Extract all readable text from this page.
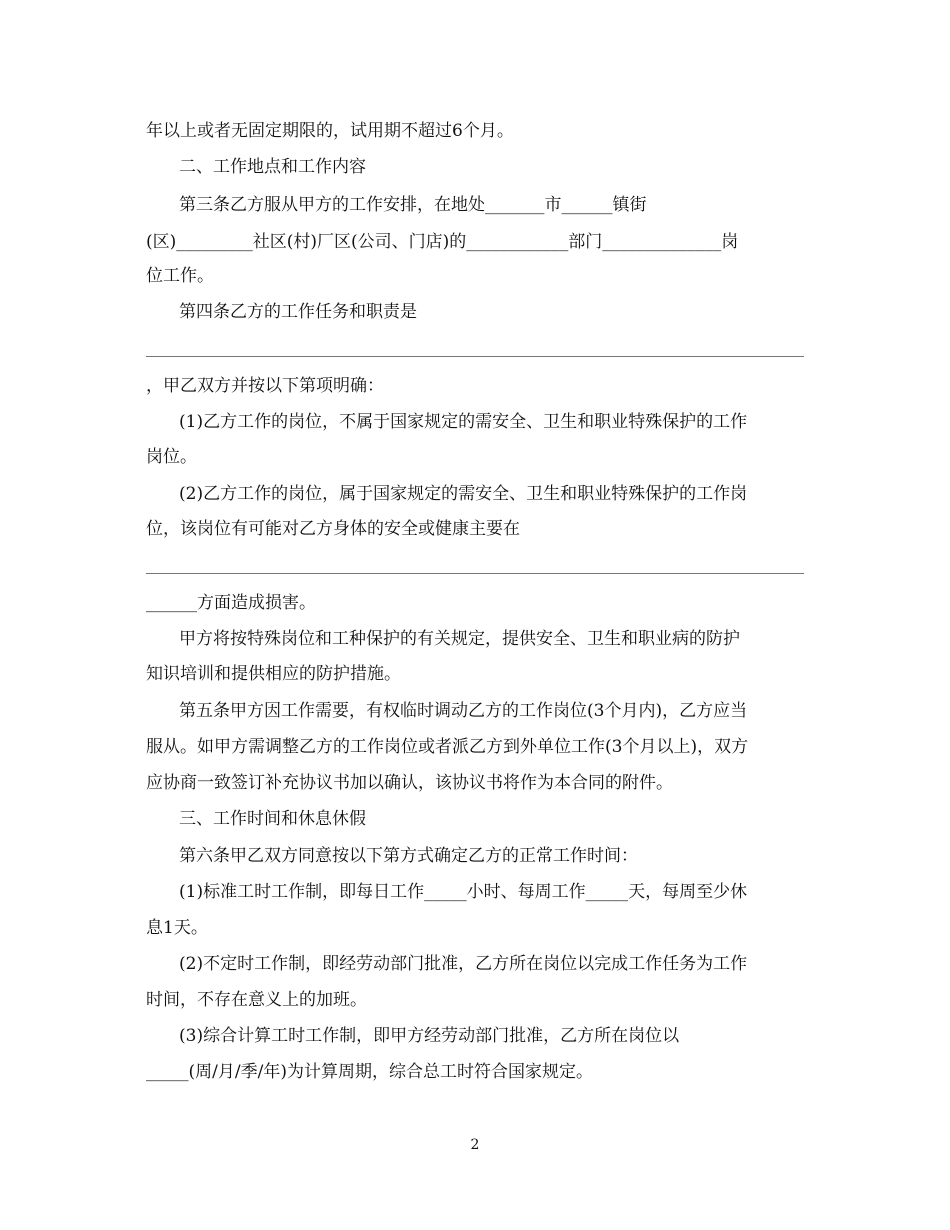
年以上或者无固定期限的，试用期不超过6个月。
二、工作地点和工作内容
第三条乙方服从甲方的工作安排，在地处_______市______镇街
(区)_________社区(村)厂区(公司、门店)的____________部门______________岗
位工作。
第四条乙方的工作任务和职责是
，甲乙双方并按以下第项明确：
(1)乙方工作的岗位，不属于国家规定的需安全、卫生和职业特殊保护的工作
岗位。
(2)乙方工作的岗位，属于国家规定的需安全、卫生和职业特殊保护的工作岗
位，该岗位有可能对乙方身体的安全或健康主要在
______方面造成损害。
甲方将按特殊岗位和工种保护的有关规定，提供安全、卫生和职业病的防护
知识培训和提供相应的防护措施。
第五条甲方因工作需要，有权临时调动乙方的工作岗位(3个月内)，乙方应当
服从。如甲方需调整乙方的工作岗位或者派乙方到外单位工作(3个月以上)，双方
应协商一致签订补充协议书加以确认，该协议书将作为本合同的附件。
三、工作时间和休息休假
第六条甲乙双方同意按以下第方式确定乙方的正常工作时间：
(1)标准工时工作制，即每日工作_____小时、每周工作_____天，每周至少休
息1天。
(2)不定时工作制，即经劳动部门批准，乙方所在岗位以完成工作任务为工作
时间，不存在意义上的加班。
(3)综合计算工时工作制，即甲方经劳动部门批准，乙方所在岗位以
_____(周/月/季/年)为计算周期，综合总工时符合国家规定。
2
